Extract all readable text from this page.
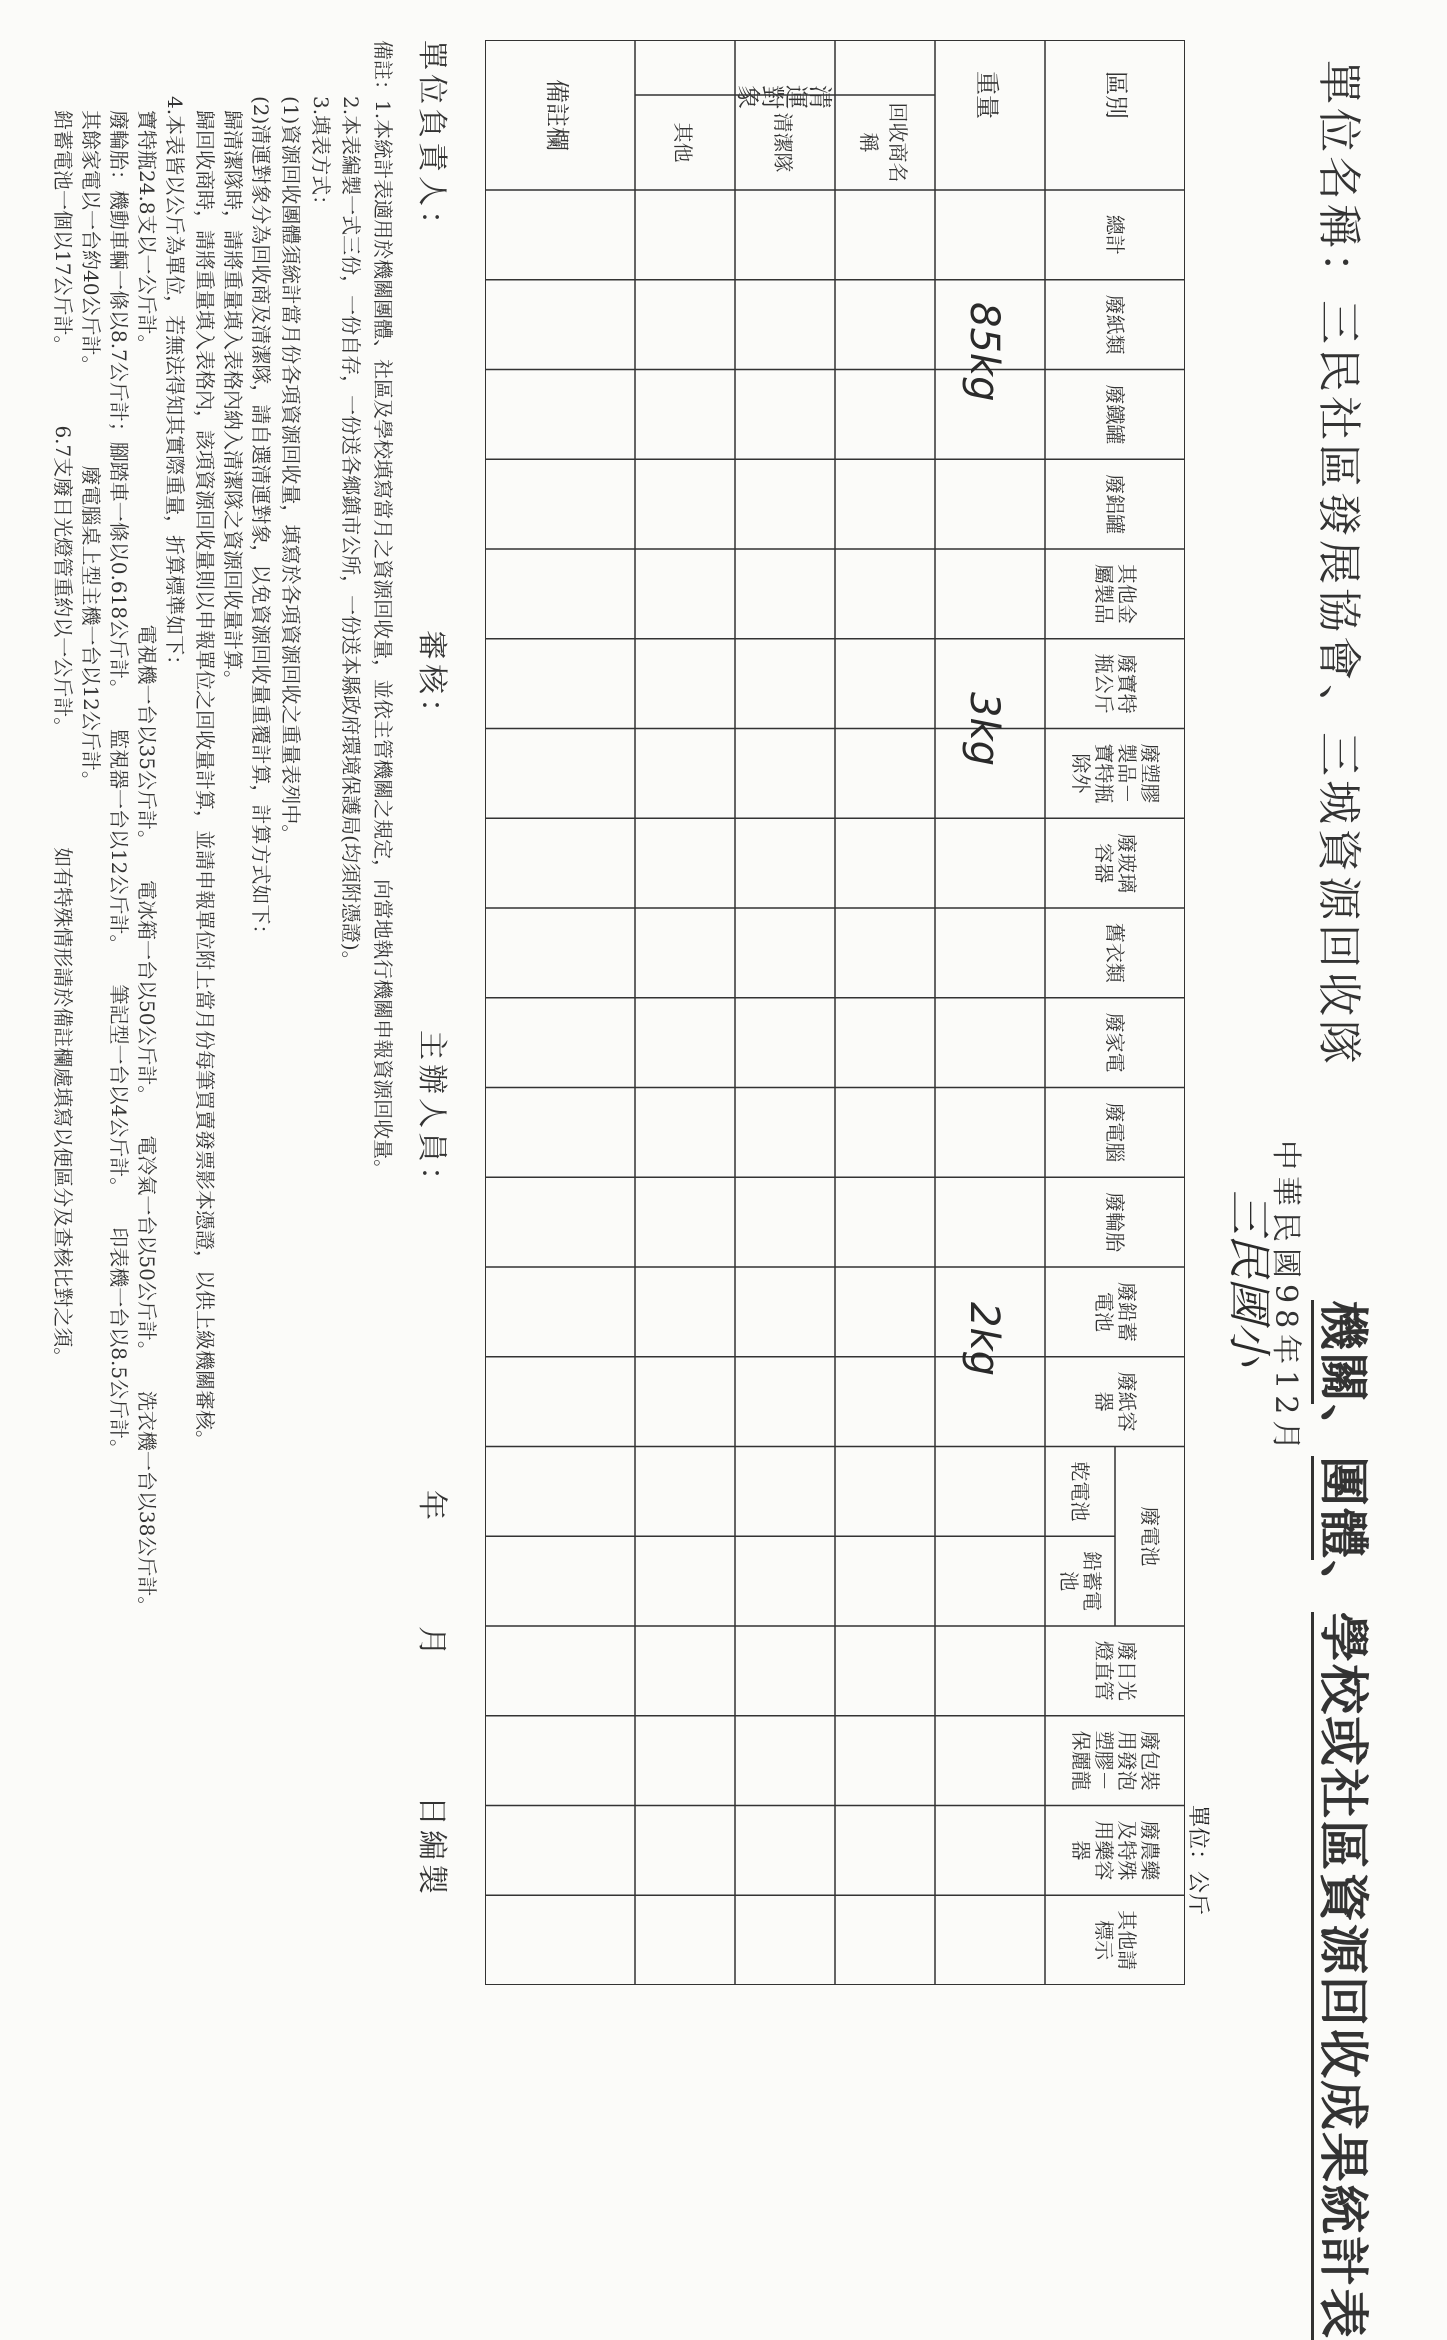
單位名稱：三民社區發展協會、三城資源回收隊
機關、團體、學校或社區資源回收成果統計表
中華民國98年12月
三民國小
單位：公斤
區別
總計
廢紙類
廢鐵罐
廢鋁罐
其他金屬製品
廢寶特瓶公斤
廢塑膠製品－寶特瓶除外
廢玻璃容器
舊衣類
廢家電
廢電腦
廢輪胎
廢鉛蓄電池
廢紙容器
乾電池
鉛蓄電池
廢日光燈直管
廢包裝用發泡塑膠－保麗龍
廢農藥及特殊用藥容器
其他請標示
廢電池
重量
清運對象
回收商名稱
清潔隊
其他
備註欄
85kg
3kg
2kg
單位負責人：
審核：
主辦人員：
年　　　月　　　　日編製
備註：1.本統計表適用於機關團體、社區及學校填寫當月之資源回收量，並依主管機關之規定，向當地執行機關申報資源回收量。
2.本表編製一式三份，一份自存，一份送各鄉鎮市公所，一份送本縣政府環境保護局(均須附憑證)。
3.填表方式：
(1)資源回收團體須統計當月份各項資源回收量，填寫於各項資源回收之重量表列中。
(2)清運對象分為回收商及清潔隊，請自選清運對象，以免資源回收量重覆計算，計算方式如下：
歸清潔隊時，請將重量填入表格內納入清潔隊之資源回收量計算。
歸回收商時，請將重量填入表格內，該項資源回收量則以申報單位之回收量計算，並請申報單位附上當月份每筆買賣發票影本憑證，以供上級機關審核。
4.本表皆以公斤為單位，若無法得知其實際重量，折算標準如下：
寶特瓶24.8支以一公斤計。　　　　　　　　　　　　　　電視機一台以35公斤計。　　電冰箱一台以50公斤計。　　電冷氣一台以50公斤計。　　洗衣機一台以38公斤計。
廢輪胎：機動車輛一條以8.7公斤計；腳踏車一條以0.618公斤計。　　監視器一台以12公斤計。　　筆記型一台以4公斤計。　　印表機一台以8.5公斤計。
其餘家電以一台約40公斤計。　　　　　廢電腦桌上型主機一台以12公斤計。
鉛蓄電池一個以17公斤計。　　　　6.7支廢日光燈管重約以一公斤計。　　　　　　如有特殊情形請於備註欄處填寫以便區分及查核比對之須。
